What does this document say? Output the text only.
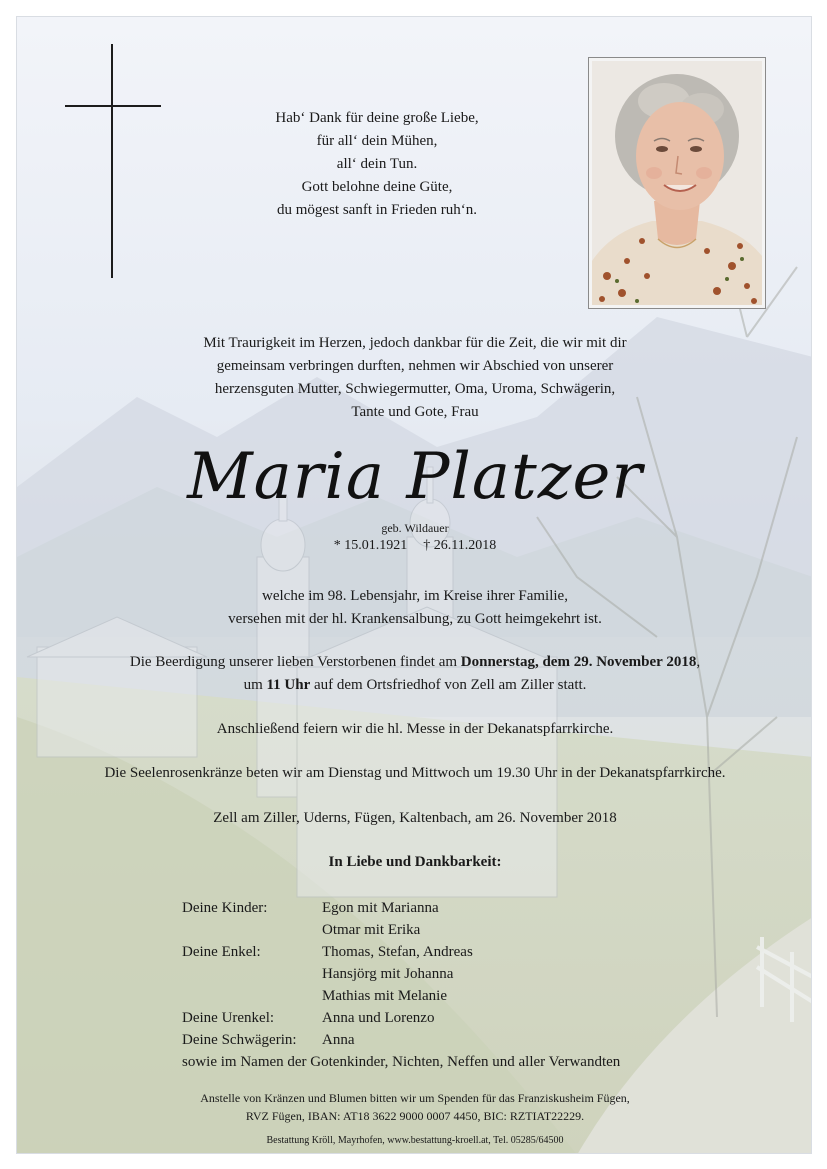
Hab‘ Dank für deine große Liebe,
für all‘ dein Mühen,
all‘ dein Tun.
Gott belohne deine Güte,
du mögest sanft in Frieden ruh‘n.
Mit Traurigkeit im Herzen, jedoch dankbar für die Zeit, die wir mit dir
gemeinsam verbringen durften, nehmen wir Abschied von unserer
herzensguten Mutter, Schwiegermutter, Oma, Uroma, Schwägerin,
Tante und Gote, Frau
Maria Platzer
geb. Wildauer
* 15.01.1921 † 26.11.2018
welche im 98. Lebensjahr, im Kreise ihrer Familie,
versehen mit der hl. Krankensalbung, zu Gott heimgekehrt ist.
Die Beerdigung unserer lieben Verstorbenen findet am Donnerstag, dem 29. November 2018,
um 11 Uhr auf dem Ortsfriedhof von Zell am Ziller statt.
Anschließend feiern wir die hl. Messe in der Dekanatspfarrkirche.
Die Seelenrosenkränze beten wir am Dienstag und Mittwoch um 19.30 Uhr in der Dekanatspfarrkirche.
Zell am Ziller, Uderns, Fügen, Kaltenbach, am 26. November 2018
In Liebe und Dankbarkeit:
Deine Kinder:	Egon mit Marianna
Otmar mit Erika
Deine Enkel:	Thomas, Stefan, Andreas
Hansjörg mit Johanna
Mathias mit Melanie
Deine Urenkel:	Anna und Lorenzo
Deine Schwägerin:	Anna
sowie im Namen der Gotenkinder, Nichten, Neffen und aller Verwandten
Anstelle von Kränzen und Blumen bitten wir um Spenden für das Franziskusheim Fügen,
RVZ Fügen, IBAN: AT18 3622 9000 0007 4450, BIC: RZTIAT22229.
Bestattung Kröll, Mayrhofen, www.bestattung-kroell.at, Tel. 05285/64500
